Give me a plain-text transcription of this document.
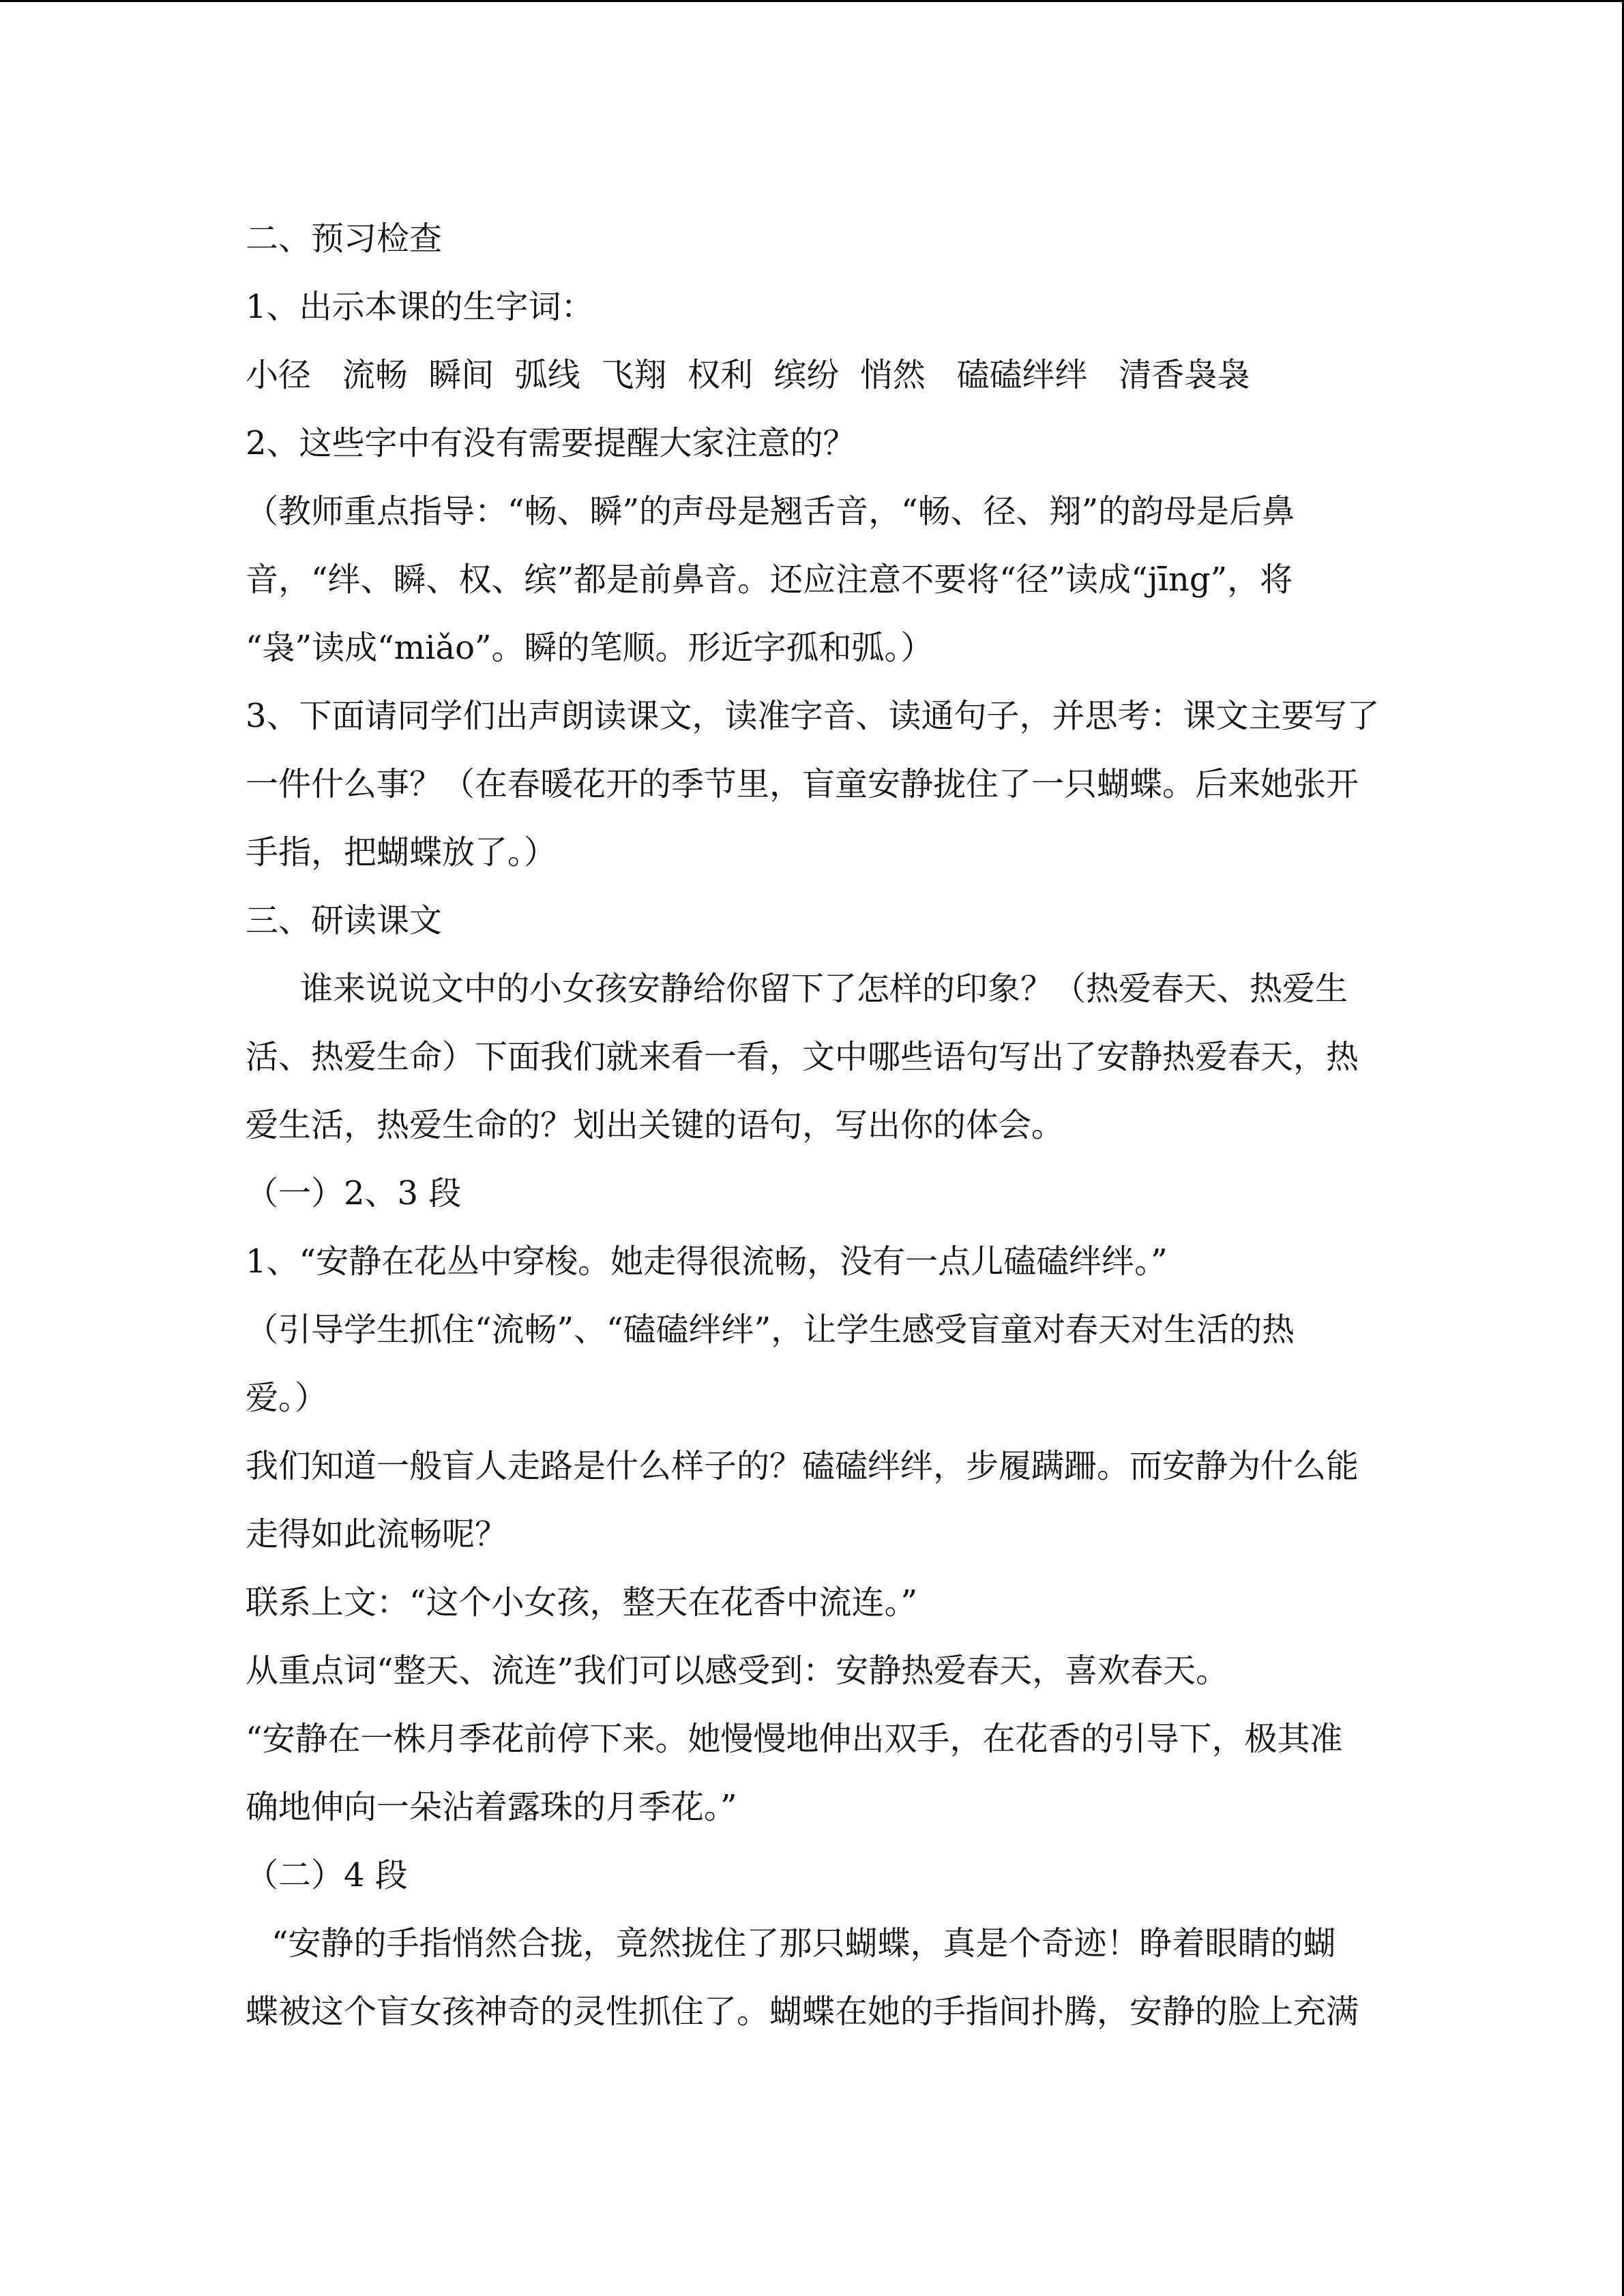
二、预习检查

1、出示本课的生字词：

小径   流畅  瞬间  弧线  飞翔  权利  缤纷  悄然   磕磕绊绊   清香袅袅

2、这些字中有没有需要提醒大家注意的？

（教师重点指导：“畅、瞬”的声母是翘舌音，“畅、径、翔”的韵母是后鼻

音，“绊、瞬、权、缤”都是前鼻音。还应注意不要将“径”读成“jīng”，将

“袅”读成“miǎo”。瞬的笔顺。形近字孤和弧。）

3、下面请同学们出声朗读课文，读准字音、读通句子，并思考：课文主要写了

一件什么事？（在春暖花开的季节里，盲童安静拢住了一只蝴蝶。后来她张开

手指，把蝴蝶放了。）

三、研读课文

谁来说说文中的小女孩安静给你留下了怎样的印象？（热爱春天、热爱生

活、热爱生命）下面我们就来看一看，文中哪些语句写出了安静热爱春天，热

爱生活，热爱生命的？划出关键的语句，写出你的体会。

（一）2、3 段

1、“安静在花丛中穿梭。她走得很流畅，没有一点儿磕磕绊绊。”

（引导学生抓住“流畅”、“磕磕绊绊”，让学生感受盲童对春天对生活的热

爱。）

我们知道一般盲人走路是什么样子的？磕磕绊绊，步履蹒跚。而安静为什么能

走得如此流畅呢？

联系上文：“这个小女孩，整天在花香中流连。”

从重点词“整天、流连”我们可以感受到：安静热爱春天，喜欢春天。

“安静在一株月季花前停下来。她慢慢地伸出双手，在花香的引导下，极其准

确地伸向一朵沾着露珠的月季花。”

（二）4 段

“安静的手指悄然合拢，竟然拢住了那只蝴蝶，真是个奇迹！睁着眼睛的蝴

蝶被这个盲女孩神奇的灵性抓住了。蝴蝶在她的手指间扑腾，安静的脸上充满
